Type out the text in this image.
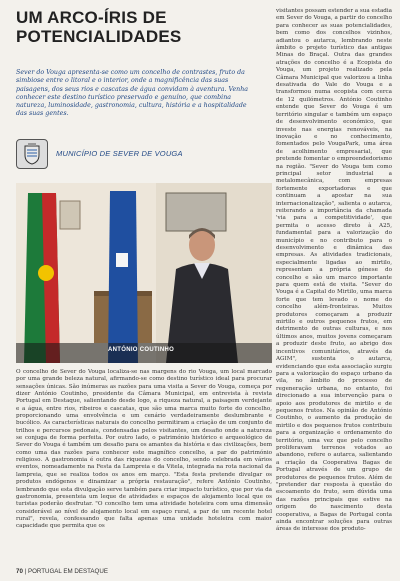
UM ARCO-ÍRIS DE POTENCIALIDADES
Sever do Vouga apresenta-se como um concelho de contrastes, fruto da simbiose entre o litoral e o interior, onde a magnificência das suas paisagens, dos seus rios e cascatas de água convidam à aventura. Venha conhecer este destino turístico preservado e genuíno, que combina natureza, luminosidade, gastronomia, cultura, história e a hospitalidade das suas gentes.
MUNICÍPIO DE SEVER DE VOUGA
ANTÓNIO COUTINHO

O concelho de Sever do Vouga localiza-se nas margens do rio Vouga, um local marcado por uma grande beleza natural, afirmando-se como destino turístico ideal para procurar sensações únicas. São inúmeras as razões para uma visita a Sever do Vouga, começa por dizer António Coutinho, presidente da Câmara Municipal, em entrevista à revista Portugal em Destaque, salientando desde logo, a riqueza natural, a paisagem verdejante e a água, entre rios, ribeiros e cascatas, que são uma marca muito forte do concelho, proporcionando uma envolvência e um cenário verdadeiramente deslumbrante e bucólico. As características naturais do concelho permitiram a criação de um conjunto de trilhos e percursos pedonais, condensadas pelos visitantes, um desafio onde a natureza se conjuga de forma perfeita. Por outro lado, o património histórico e arqueológico de Sever do Vouga é também um desafio para os amantes da história e das civilizações, bem como uma das razões para conhecer este magnífico concelho, a par do património religioso. A gastronomia é outra das riquezas do concelho, sendo celebrada em vários eventos, nomeadamente na Festa da Lampreia e da Vitela, integrada na rota nacional da lampreia, que se realiza todos os anos em março. "Esta festa pretende divulgar os produtos endógenos e dinamizar a própria restauração", refere António Coutinho, lembrando que esta divulgação serve também para criar impacto turístico, que por via da gastronomia, presenteia um leque de atividades e espaços de alojamento local que os turistas poderão desfrutar. "O concelho tem uma atividade hoteleira com uma dimensão considerável ao nível do alojamento local em espaço rural, a par de um recente hotel rural", revela, confessando que falta apenas uma unidade hoteleira com maior capacidade que permita que os

visitantes possam estender a sua estadia em Sever do Vouga, a partir do concelho para conhecer as suas potencialidades, bem como dos concelhos vizinhos, adiantou o autarca, lembrando neste âmbito o projeto turístico das antigas Minas do Braçal. Outra das grandes atrações do concelho é a Ecopista do Vouga, um projeto realizado pela Câmara Municipal que valorizou a linha desativada do Vale do Vouga e a transformou numa ecopista com cerca de 12 quilómetros. António Coutinho entende que Sever do Vouga é um território singular e também um espaço de desenvolvimento económico, que investe nas energias renováveis, na inovação e no conhecimento, fomentados pelo VougaPark, uma área de acolhimento empresarial, que pretende fomentar o empreendedorismo na região. "Sever do Vouga tem como principal setor industrial a metalomecânica, com empresas fortemente exportadoras e que continuam a apostar na sua internacionalização", salienta o autarca, reiterando a importância da chamada 'via para a competitividade', que permita o acesso direto à A25, fundamental para a valorização do município e no contributo para o desenvolvimento e dinâmica das empresas. As atividades tradicionais, especialmente ligadas ao mirtilo, representam a própria génese do concelho e são um marco importante para quem está de visita. "Sever do Vouga é a Capital do Mirtilo, uma marca forte que tem levado o nome do concelho além-fronteiras. Muitos produtores começaram a produzir mirtilo e outros pequenos frutos, em detrimento de outras culturas, e nos últimos anos, muitos jovens começaram a produzir deste fruto, ao abrigo dos incentivos comunitários, através da AGIM", sustenta o autarca, evidenciando que esta associação surgiu para a valorização do espaço urbano da vila, no âmbito do processo de regeneração urbana, no entanto, foi direcionado a sua intervenção para o apoio aos produtores de mirtilo e de pequenos frutos. Na opinião de António Coutinho, o aumento da produção de mirtilo e dos pequenos frutos contribuiu para a organização e ordenamento do território, uma vez que pelo concelho proliferavam terrenos votados ao abandono, refere o autarca, salientando a criação da Cooperativa Bagas de Portugal através de um grupo de produtores de pequenos frutos. Além de "pretender dar resposta à questão do escoamento do fruto, sem dúvida uma das razões principais que estive na origem do nascimento desta cooperativa, a Bagas de Portugal conta ainda encontrar soluções para outras áreas de interesse dos produto-

70 | PORTUGAL EM DESTAQUE
